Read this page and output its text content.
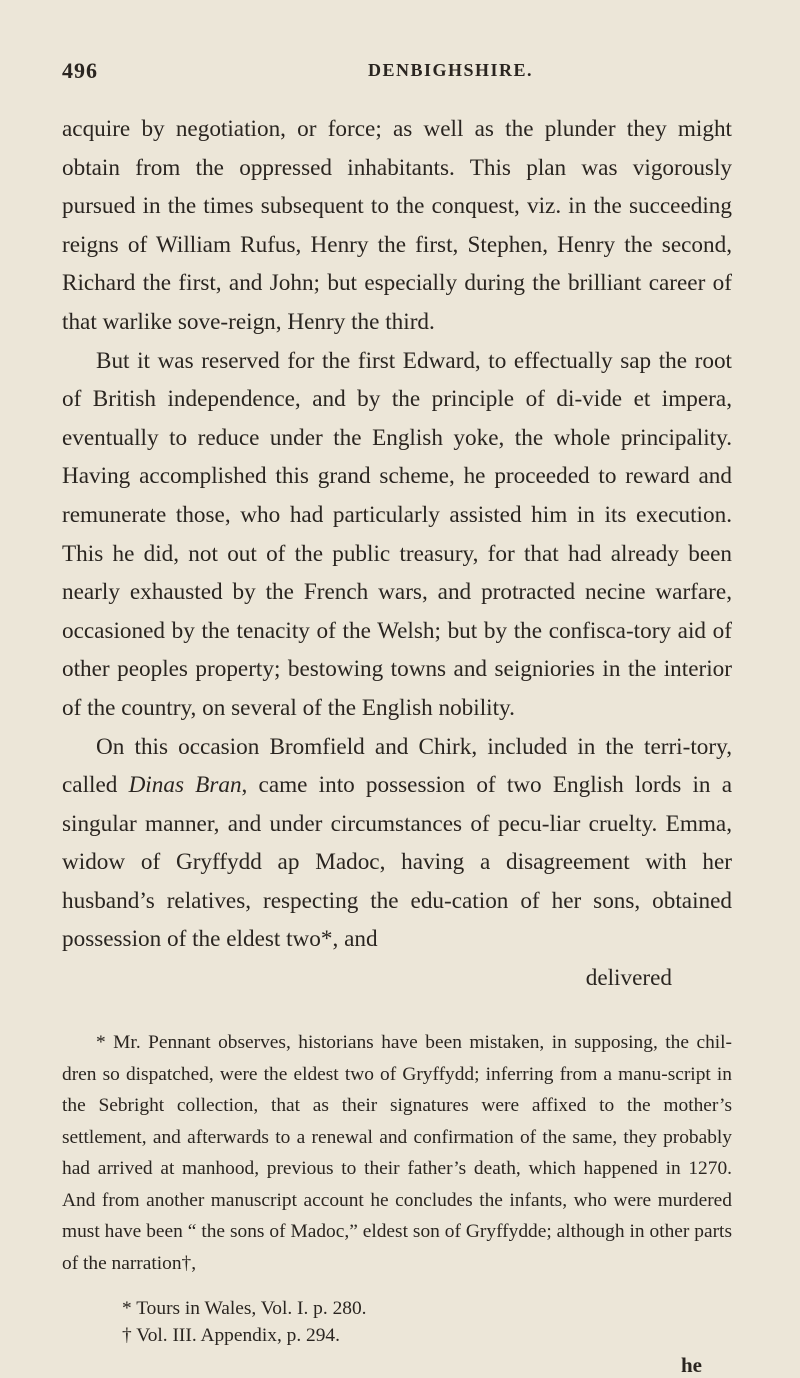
496	DENBIGHSHIRE.

acquire by negotiation, or force; as well as the plunder they might obtain from the oppressed inhabitants. This plan was vigorously pursued in the times subsequent to the conquest, viz. in the succeeding reigns of William Rufus, Henry the first, Stephen, Henry the second, Richard the first, and John; but especially during the brilliant career of that warlike sove-reign, Henry the third.

But it was reserved for the first Edward, to effectually sap the root of British independence, and by the principle of di-vide et impera, eventually to reduce under the English yoke, the whole principality. Having accomplished this grand scheme, he proceeded to reward and remunerate those, who had particularly assisted him in its execution. This he did, not out of the public treasury, for that had already been nearly exhausted by the French wars, and protracted necine warfare, occasioned by the tenacity of the Welsh; but by the confisca-tory aid of other peoples property; bestowing towns and seigniories in the interior of the country, on several of the English nobility.

On this occasion Bromfield and Chirk, included in the terri-tory, called Dinas Bran, came into possession of two English lords in a singular manner, and under circumstances of pecu-liar cruelty. Emma, widow of Gryffydd ap Madoc, having a disagreement with her husband’s relatives, respecting the edu-cation of her sons, obtained possession of the eldest two*, and

delivered

* Mr. Pennant observes, historians have been mistaken, in supposing, the chil-dren so dispatched, were the eldest two of Gryffydd; inferring from a manu-script in the Sebright collection, that as their signatures were affixed to the mother’s settlement, and afterwards to a renewal and confirmation of the same, they probably had arrived at manhood, previous to their father’s death, which happened in 1270. And from another manuscript account he concludes the infants, who were murdered must have been “ the sons of Madoc,” eldest son of Gryffydde; although in other parts of the narration†,

* Tours in Wales, Vol. I. p. 280.
† Vol. III. Appendix, p. 294.
he
